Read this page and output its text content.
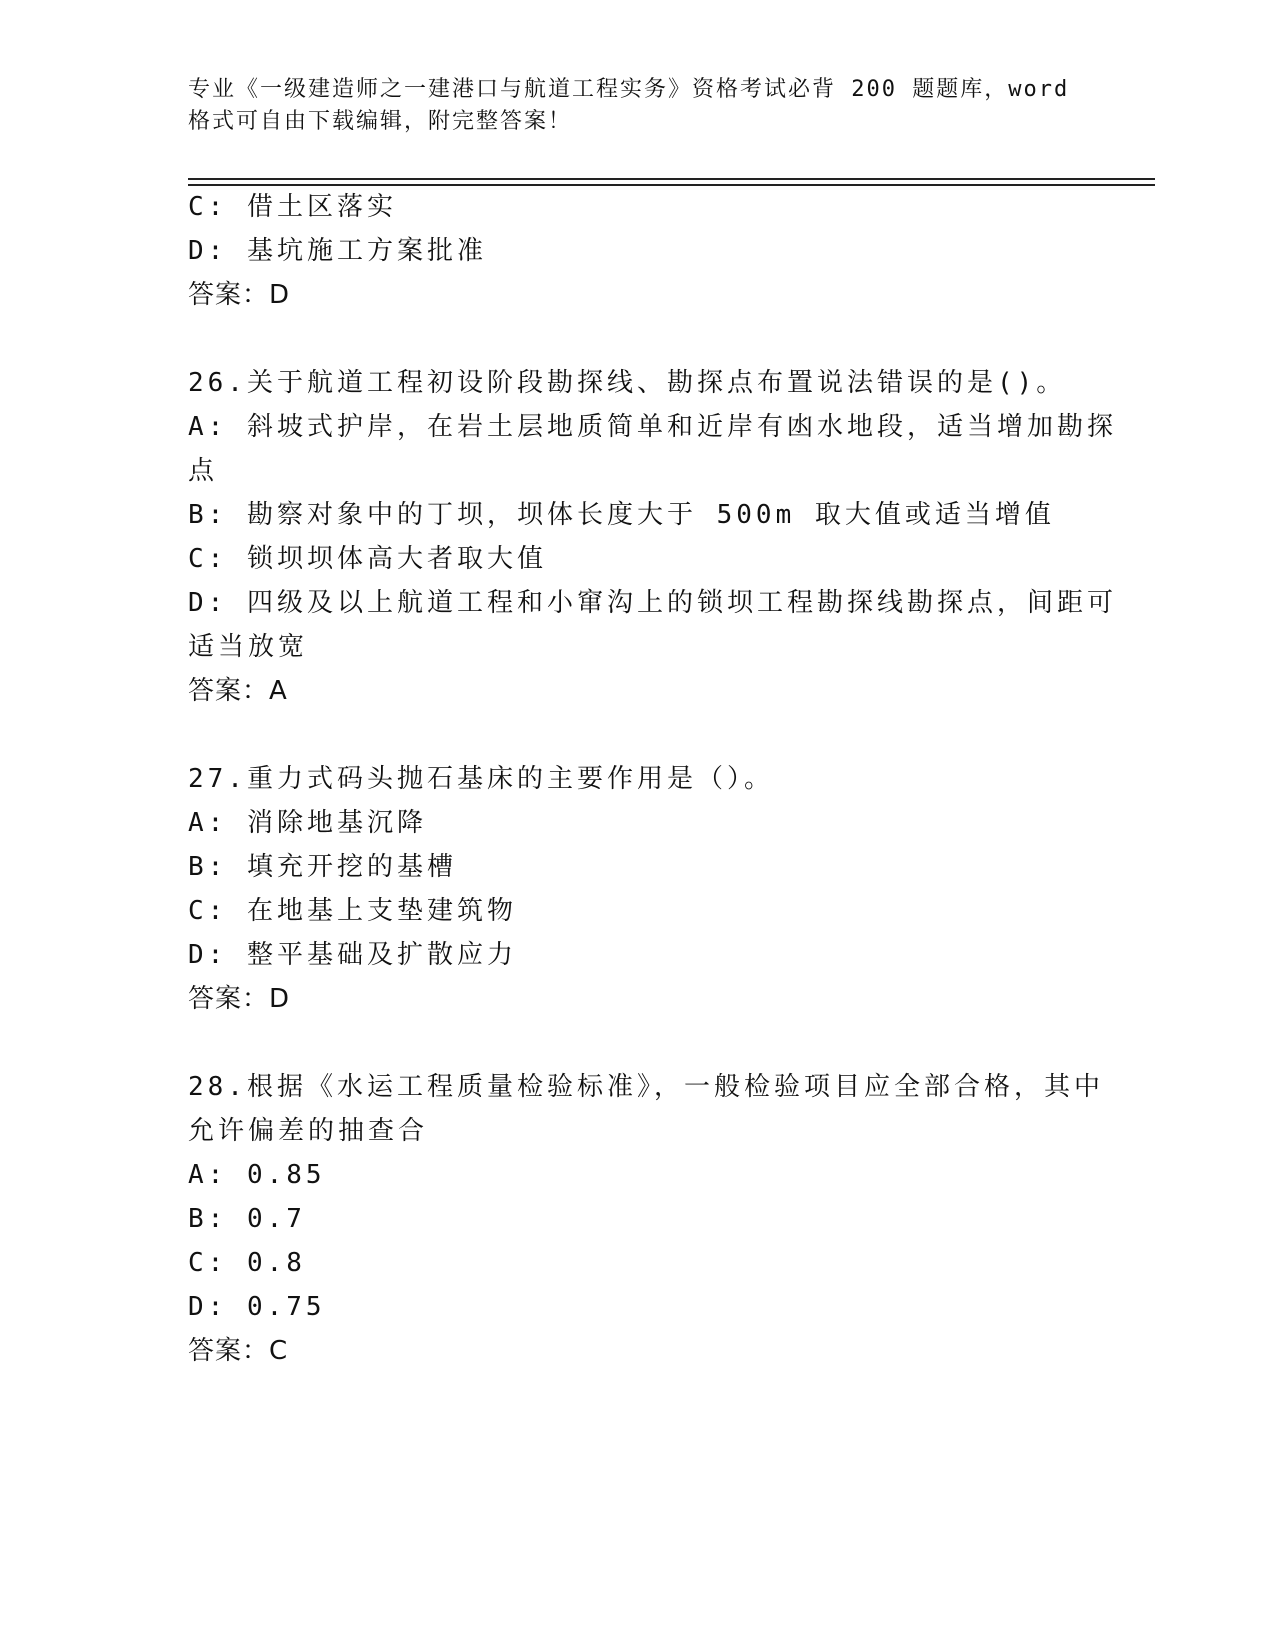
专业《一级建造师之一建港口与航道工程实务》资格考试必背 200 题题库，word
格式可自由下载编辑，附完整答案！
C: 借土区落实
D: 基坑施工方案批准
答案：D
26.关于航道工程初设阶段勘探线、勘探点布置说法错误的是()。
A: 斜坡式护岸，在岩土层地质简单和近岸有凼水地段，适当增加勘探
点
B: 勘察对象中的丁坝，坝体长度大于 500m 取大值或适当增值
C: 锁坝坝体高大者取大值
D: 四级及以上航道工程和小窜沟上的锁坝工程勘探线勘探点，间距可
适当放宽
答案：A
27.重力式码头抛石基床的主要作用是（）。
A: 消除地基沉降
B: 填充开挖的基槽
C: 在地基上支垫建筑物
D: 整平基础及扩散应力
答案：D
28.根据《水运工程质量检验标准》，一般检验项目应全部合格，其中
允许偏差的抽查合
A: 0.85
B: 0.7
C: 0.8
D: 0.75
答案：C
